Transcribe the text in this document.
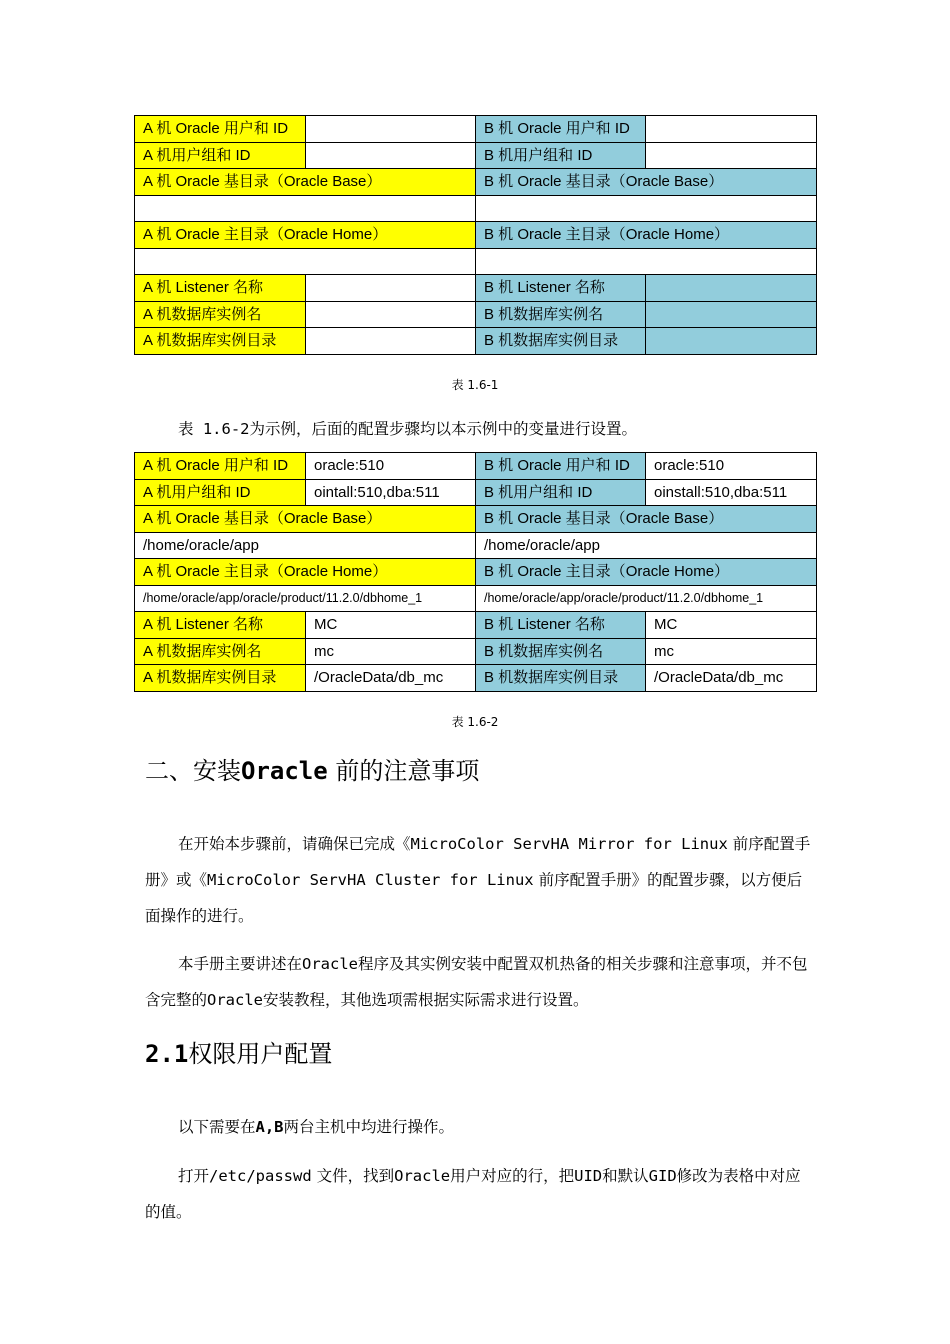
A 机 Oracle 用户和 ID		B 机 Oracle 用户和 ID	
A 机用户组和 ID		B 机用户组和 ID	
A 机 Oracle 基目录（Oracle Base）		B 机 Oracle 基目录（Oracle Base）	

A 机 Oracle 主目录（Oracle Home）		B 机 Oracle 主目录（Oracle Home）	

A 机 Listener 名称		B 机 Listener 名称	
A 机数据库实例名		B 机数据库实例名	
A 机数据库实例目录		B 机数据库实例目录	
表 1.6-1
表 1.6-2为示例，后面的配置步骤均以本示例中的变量进行设置。
A 机 Oracle 用户和 ID	oracle:510	B 机 Oracle 用户和 ID	oracle:510
A 机用户组和 ID	ointall:510,dba:511	B 机用户组和 ID	oinstall:510,dba:511
A 机 Oracle 基目录（Oracle Base）		B 机 Oracle 基目录（Oracle Base）	
/home/oracle/app		/home/oracle/app	
A 机 Oracle 主目录（Oracle Home）		B 机 Oracle 主目录（Oracle Home）	
/home/oracle/app/oracle/product/11.2.0/dbhome_1		/home/oracle/app/oracle/product/11.2.0/dbhome_1	
A 机 Listener 名称	MC	B 机 Listener 名称	MC
A 机数据库实例名	mc	B 机数据库实例名	mc
A 机数据库实例目录	/OracleData/db_mc	B 机数据库实例目录	/OracleData/db_mc
表 1.6-2
二、安装Oracle 前的注意事项
在开始本步骤前，请确保已完成《MicroColor ServHA Mirror for Linux 前序配置手册》或《MicroColor ServHA Cluster for Linux 前序配置手册》的配置步骤，以方便后面操作的进行。
本手册主要讲述在Oracle程序及其实例安装中配置双机热备的相关步骤和注意事项，并不包含完整的Oracle安装教程，其他选项需根据实际需求进行设置。
2.1权限用户配置
以下需要在A,B两台主机中均进行操作。
打开/etc/passwd 文件，找到Oracle用户对应的行，把UID和默认GID修改为表格中对应的值。
